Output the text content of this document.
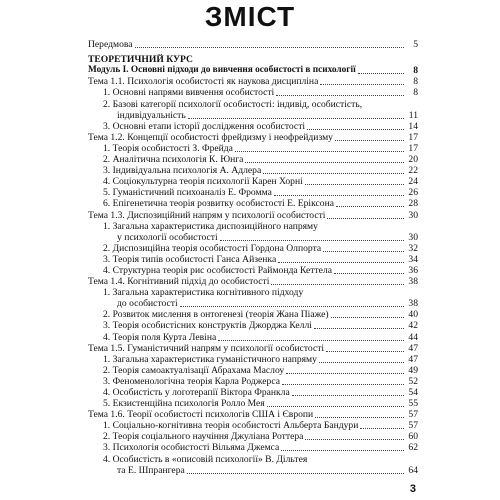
ЗМІСТ
Передмова	5
ТЕОРЕТИЧНИЙ КУРС
Модуль І. Основні підходи до вивчення особистості в психології	8
Тема 1.1. Психологія особистості як наукова дисципліна	8
1. Основні напрями вивчення особистості	8
2. Базові категорії психології особистості: індивід, особистість,
індивідуальність	11
3. Основні етапи історії дослідження особистості	14
Тема 1.2. Концепції особистості фрейдизму і неофрейдизму	17
1. Теорія особистості З. Фрейда	17
2. Аналітична психологія К. Юнга	20
3. Індивідуальна психологія А. Адлера	22
4. Соціокультурна теорія психології Карен Хорні	24
5. Гуманістичний психоаналіз Е. Фромма	26
6. Епігенетична теорія розвитку особистості Е. Еріксона	28
Тема 1.3. Диспозиційний напрям у психології особистості	30
1. Загальна характеристика диспозиційного напряму
у психології особистості	30
2. Диспозиційна теорія особистості Гордона Олпорта	32
3. Теорія типів особистості Ганса Айзенка	34
4. Структурна теорія рис особистості Раймонда Кеттела	36
Тема 1.4. Когнітивний підхід до особистості	38
1. Загальна характеристика когнітивного підходу
до особистості	38
2. Розвиток мислення в онтогенезі (теорія Жана Піаже)	40
3. Теорія особистісних конструктів Джорджа Келлі	42
4. Теорія поля Курта Левіна	44
Тема 1.5. Гуманістичний напрям у психології особистості	47
1. Загальна характеристика гуманістичного напряму	47
2. Теорія самоактуалізації Абрахама Маслоу	49
3. Феноменологічна теорія Карла Роджерса	52
4. Особистість у логотерапії Віктора Франкла	54
5. Екзистенційна психологія Ролло Мея	55
Тема 1.6. Теорії особистості психологів США і Європи	57
1. Соціально-когнітивна теорія особистості Альберта Бандури	57
2. Теорія соціального научіння Джуліана Роттера	60
3. Психологія особистості Вільяма Джемса	62
4. Особистість в «описовій психології» В. Дільтея
та Е. Шпрангера	64
3
